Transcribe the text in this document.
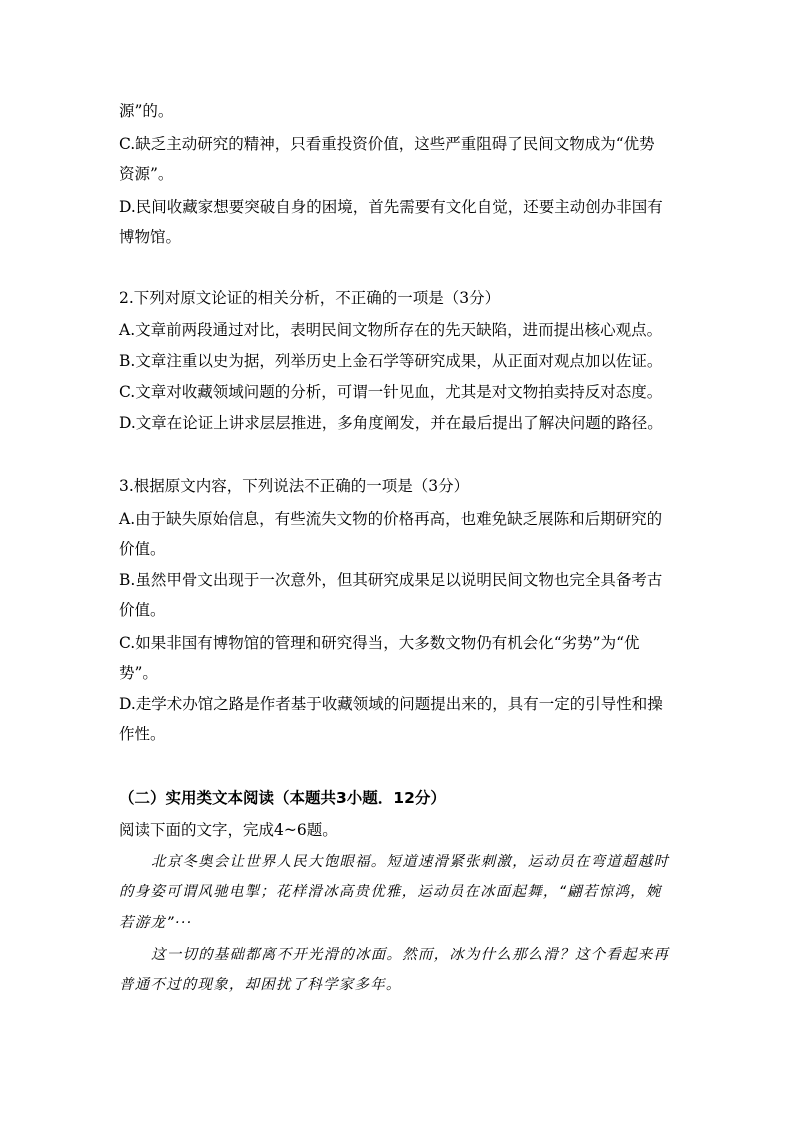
源”的。

C.缺乏主动研究的精神，只看重投资价值，这些严重阻碍了民间文物成为“优势

资源”。

D.民间收藏家想要突破自身的困境，首先需要有文化自觉，还要主动创办非国有

博物馆。

2.下列对原文论证的相关分析，不正确的一项是（3分）

A.文章前两段通过对比，表明民间文物所存在的先天缺陷，进而提出核心观点。

B.文章注重以史为据，列举历史上金石学等研究成果，从正面对观点加以佐证。

C.文章对收藏领域问题的分析，可谓一针见血，尤其是对文物拍卖持反对态度。

D.文章在论证上讲求层层推进，多角度阐发，并在最后提出了解决问题的路径。

3.根据原文内容，下列说法不正确的一项是（3分）

A.由于缺失原始信息，有些流失文物的价格再高，也难免缺乏展陈和后期研究的

价值。

B.虽然甲骨文出现于一次意外，但其研究成果足以说明民间文物也完全具备考古

价值。

C.如果非国有博物馆的管理和研究得当，大多数文物仍有机会化“劣势”为“优

势”。

D.走学术办馆之路是作者基于收藏领域的问题提出来的，具有一定的引导性和操

作性。

（二）实用类文本阅读（本题共3小题．12分）

阅读下面的文字，完成4~6题。

北京冬奥会让世界人民大饱眼福。短道速滑紧张刺激，运动员在弯道超越时

的身姿可谓风驰电掣；花样滑冰高贵优雅，运动员在冰面起舞，“翩若惊鸿，婉

若游龙”···

这一切的基础都离不开光滑的冰面。然而，冰为什么那么滑？这个看起来再

普通不过的现象，却困扰了科学家多年。
